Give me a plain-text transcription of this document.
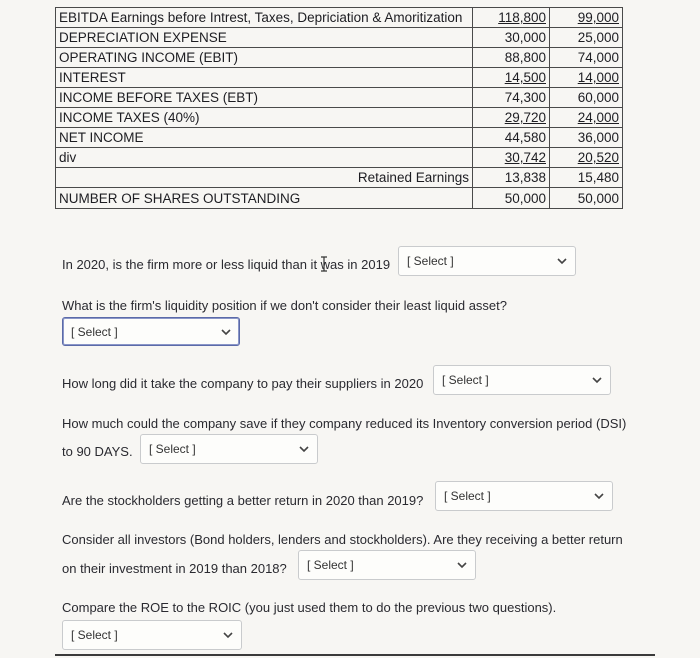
EBITDA Earnings before Intrest, Taxes, Depriciation & Amoritization	118,800	99,000
DEPRECIATION EXPENSE	30,000	25,000
OPERATING INCOME (EBIT)	88,800	74,000
INTEREST	14,500	14,000
INCOME BEFORE TAXES (EBT)	74,300	60,000
INCOME TAXES (40%)	29,720	24,000
NET INCOME	44,580	36,000
div	30,742	20,520
Retained Earnings	13,838	15,480
NUMBER OF SHARES OUTSTANDING	50,000	50,000
In 2020, is the firm more or less liquid than it was in 2019	[ Select ]
What is the firm's liquidity position if we don't consider their least liquid asset?
[ Select ]
How long did it take the company to pay their suppliers in 2020	[ Select ]
How much could the company save if they company reduced its Inventory conversion period (DSI)
to 90 DAYS.	[ Select ]
Are the stockholders getting a better return in 2020 than 2019?	[ Select ]
Consider all investors (Bond holders, lenders and stockholders). Are they receiving a better return
on their investment in 2019 than 2018?	[ Select ]
Compare the ROE to the ROIC (you just used them to do the previous two questions).
[ Select ]
